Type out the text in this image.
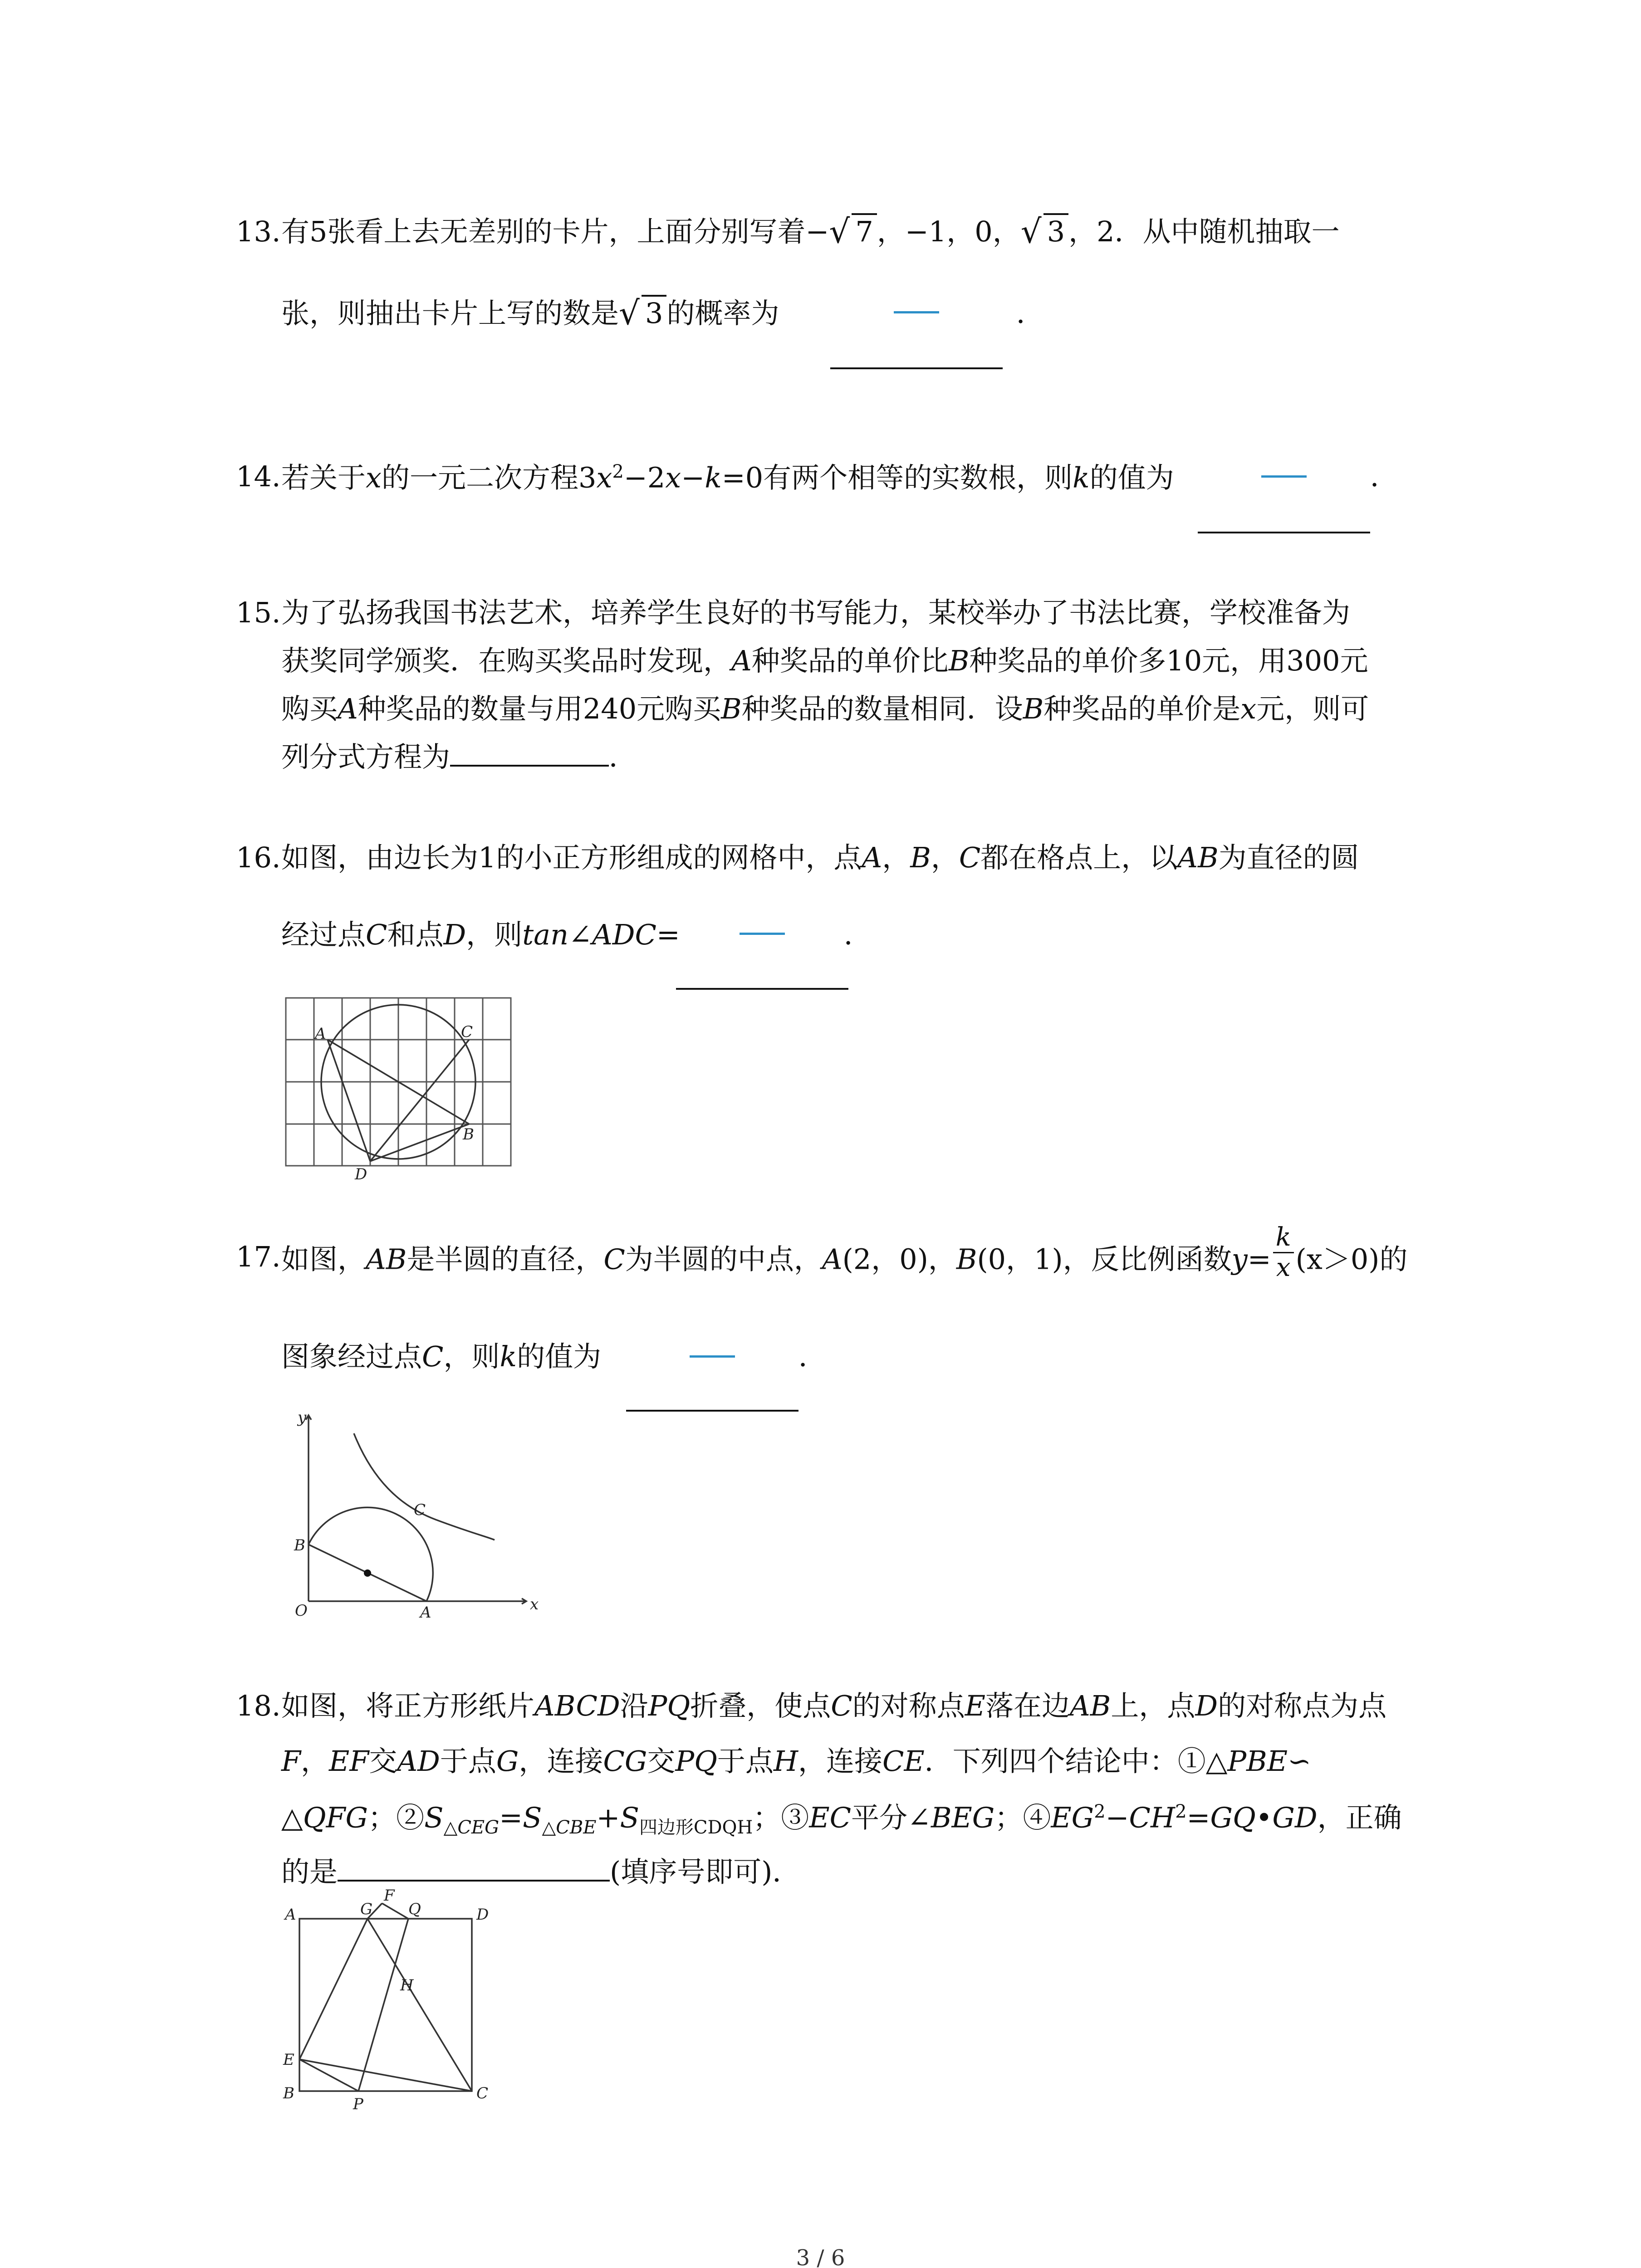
13. 有5张看上去无差别的卡片，上面分别写着− √ 7 ，−1，0， √ 3 ，2．从中随机抽取一
张，则抽出卡片上写的数是 √ 3 的概率为	．
14. 若关于x的一元二次方程$3x^2-2x-k=0$有两个相等的实数根，则k的值为	．
15. 为了弘扬我国书法艺术，培养学生良好的书写能力，某校举办了书法比赛，学校准备为
获奖同学颁奖．在购买奖品时发现，A种奖品的单价比B种奖品的单价多10元，用300元
购买A种奖品的数量与用240元购买B种奖品的数量相同．设B种奖品的单价是x元，则可
列分式方程为	．
16. 如图，由边长为1的小正方形组成的网格中，点A，B，C都在格点上，以AB为直径的圆
经过点C和点D，则tan∠ADC=	．
A	C
B
D
17. 如图，AB是半圆的直径，C为半圆的中点，A(2，0)，B(0，1)，反比例函数$y= \frac{k}{x} (x>0)$的
图象经过点C，则k的值为	．
y
x
O	A
B
C
18. 如图，将正方形纸片ABCD沿PQ折叠，使点C的对称点E落在边AB上，点D的对称点为点
F，EF交AD于点G，连接CG交PQ于点H，连接CE．下列四个结论中：①△PBE∽
△QFG；$②S_{\triangle CEG}=S_{\triangle CBE}+S_{四边形CDQH}$；③EC平分∠BEG；$④EG^2-CH^2=GQ•GD$，正确
的是	(填序号即可)．
A	G
F
Q	D
H
E
B
P
C
3 / 6
